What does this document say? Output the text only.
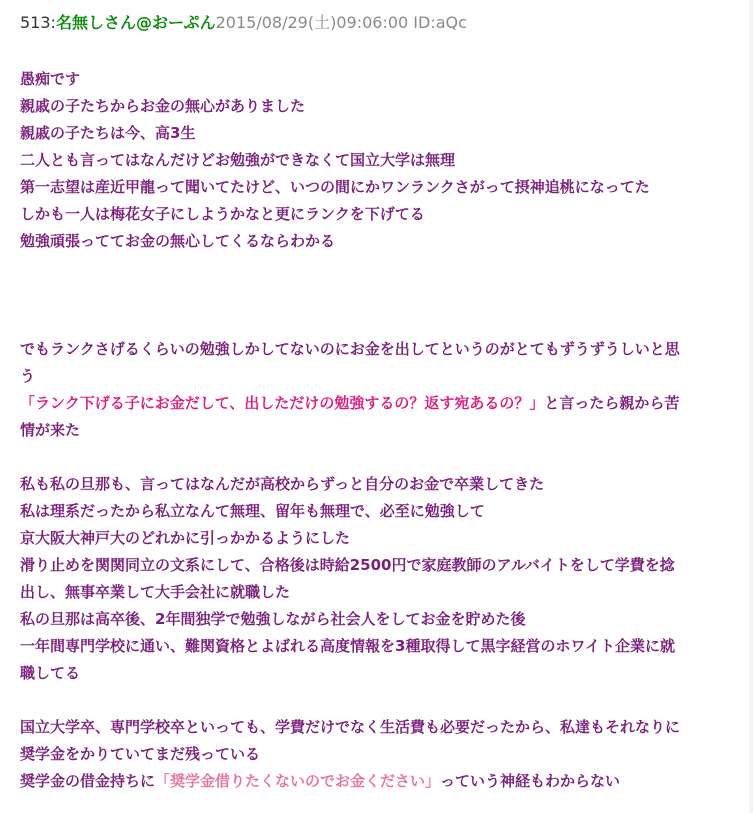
513:名無しさん@おーぷん2015/08/29(土)09:06:00 ID:aQc
愚痴です
親戚の子たちからお金の無心がありました
親戚の子たちは今、高3生
二人とも言ってはなんだけどお勉強ができなくて国立大学は無理
第一志望は産近甲龍って聞いてたけど、いつの間にかワンランクさがって摂神追桃になってた
しかも一人は梅花女子にしようかなと更にランクを下げてる
勉強頑張っててお金の無心してくるならわかる
でもランクさげるくらいの勉強しかしてないのにお金を出してというのがとてもずうずうしいと思
う
「ランク下げる子にお金だして、出しただけの勉強するの？返す宛あるの？」と言ったら親から苦
情が来た
私も私の旦那も、言ってはなんだが高校からずっと自分のお金で卒業してきた
私は理系だったから私立なんて無理、留年も無理で、必至に勉強して
京大阪大神戸大のどれかに引っかかるようにした
滑り止めを関関同立の文系にして、合格後は時給2500円で家庭教師のアルバイトをして学費を捻
出し、無事卒業して大手会社に就職した
私の旦那は高卒後、2年間独学で勉強しながら社会人をしてお金を貯めた後
一年間専門学校に通い、難関資格とよばれる高度情報を3種取得して黒字経営のホワイト企業に就
職してる
国立大学卒、専門学校卒といっても、学費だけでなく生活費も必要だったから、私達もそれなりに
奨学金をかりていてまだ残っている
奨学金の借金持ちに「奨学金借りたくないのでお金ください」っていう神経もわからない
